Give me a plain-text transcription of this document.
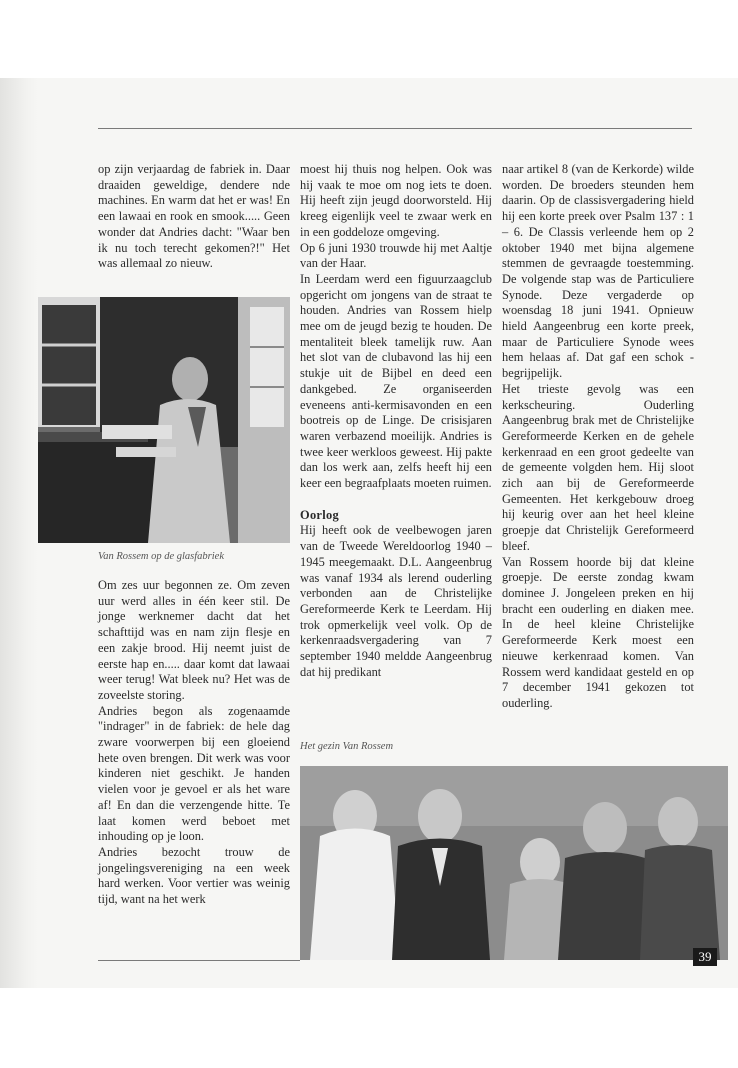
op zijn verjaardag de fabriek in. Daar draaiden geweldige, dendere nde machines. En warm dat het er was! En een lawaai en rook en smook..... Geen wonder dat Andries dacht: "Waar ben ik nu toch terecht gekomen?!" Het was allemaal zo nieuw.

Van Rossem op de glasfabriek

Om zes uur begonnen ze. Om zeven uur werd alles in één keer stil. De jonge werknemer dacht dat het schafttijd was en nam zijn flesje en een zakje brood. Hij neemt juist de eerste hap en..... daar komt dat lawaai weer terug! Wat bleek nu? Het was de zoveelste storing.

Andries begon als zogenaamde "indrager" in de fabriek: de hele dag zware voorwerpen bij een gloeiend hete oven brengen. Dit werk was voor kinderen niet geschikt. Je handen vielen voor je gevoel er als het ware af! En dan die verzengende hitte. Te laat komen werd beboet met inhouding op je loon.

Andries bezocht trouw de jongelingsvereniging na een week hard werken. Voor vertier was weinig tijd, want na het werk

moest hij thuis nog helpen. Ook was hij vaak te moe om nog iets te doen. Hij heeft zijn jeugd doorworsteld. Hij kreeg eigenlijk veel te zwaar werk en in een goddeloze omgeving.

Op 6 juni 1930 trouwde hij met Aaltje van der Haar.

In Leerdam werd een figuurzaagclub opgericht om jongens van de straat te houden. Andries van Rossem hielp mee om de jeugd bezig te houden. De mentaliteit bleek tamelijk ruw. Aan het slot van de clubavond las hij een stukje uit de Bijbel en deed een dankgebed. Ze organiseerden eveneens anti-kermisavonden en een bootreis op de Linge. De crisisjaren waren verbazend moeilijk. Andries is twee keer werkloos geweest. Hij pakte dan los werk aan, zelfs heeft hij een keer een begraafplaats moeten ruimen.

Oorlog

Hij heeft ook de veelbewogen jaren van de Tweede Wereldoorlog 1940 – 1945 meegemaakt. D.L. Aangeenbrug was vanaf 1934 als lerend ouderling verbonden aan de Christelijke Gereformeerde Kerk te Leerdam. Hij trok opmerkelijk veel volk. Op de kerkenraadsvergadering van 7 september 1940 meldde Aangeenbrug dat hij predikant

Het gezin Van Rossem

naar artikel 8 (van de Kerkorde) wilde worden. De broeders steunden hem daarin. Op de classisvergadering hield hij een korte preek over Psalm 137 : 1 – 6. De Classis verleende hem op 2 oktober 1940 met bijna algemene stemmen de gevraagde toestemming. De volgende stap was de Particuliere Synode. Deze vergaderde op woensdag 18 juni 1941. Opnieuw hield Aangeenbrug een korte preek, maar de Particuliere Synode wees hem helaas af. Dat gaf een schok - begrijpelijk.

Het trieste gevolg was een kerkscheuring. Ouderling Aangeenbrug brak met de Christelijke Gereformeerde Kerken en de gehele kerkenraad en een groot gedeelte van de gemeente volgden hem. Hij sloot zich aan bij de Gereformeerde Gemeenten. Het kerkgebouw droeg hij keurig over aan het heel kleine groepje dat Christelijk Gereformeerd bleef.

Van Rossem hoorde bij dat kleine groepje. De eerste zondag kwam dominee J. Jongeleen preken en hij bracht een ouderling en diaken mee. In de heel kleine Christelijke Gereformeerde Kerk moest een nieuwe kerkenraad komen. Van Rossem werd kandidaat gesteld en op 7 december 1941 gekozen tot ouderling.

39
